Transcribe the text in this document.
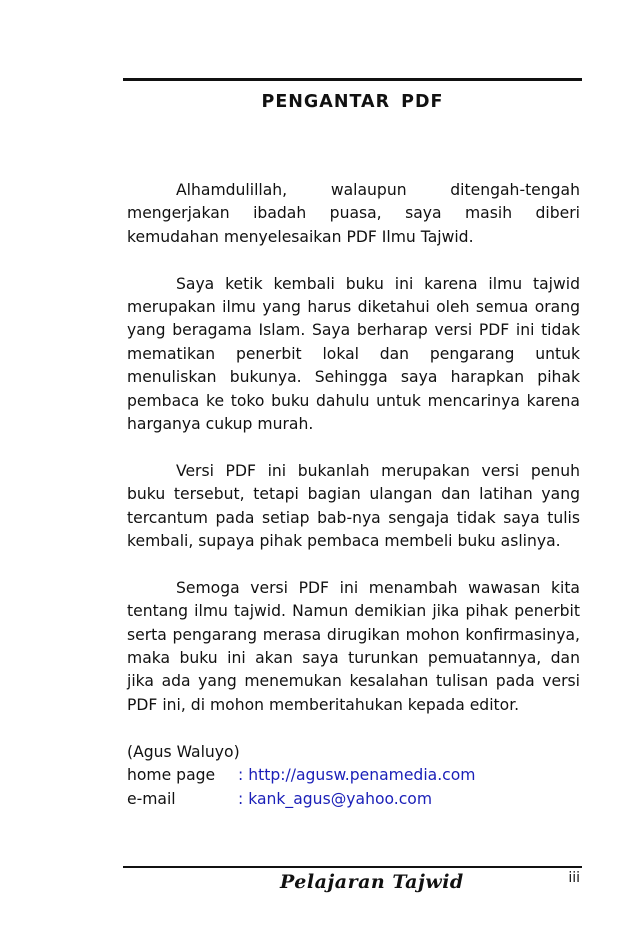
PENGANTAR PDF

Alhamdulillah, walaupun ditengah-tengah mengerjakan ibadah puasa, saya masih diberi kemudahan menyelesaikan PDF Ilmu Tajwid.

Saya ketik kembali buku ini karena ilmu tajwid merupakan ilmu yang harus diketahui oleh semua orang yang beragama Islam. Saya berharap versi PDF ini tidak mematikan penerbit lokal dan pengarang untuk menuliskan bukunya. Sehingga saya harapkan pihak pembaca ke toko buku dahulu untuk mencarinya karena harganya cukup murah.

Versi PDF ini bukanlah merupakan versi penuh buku tersebut, tetapi bagian ulangan dan latihan yang tercantum pada setiap bab-nya sengaja tidak saya tulis kembali, supaya pihak pembaca membeli buku aslinya.

Semoga versi PDF ini menambah wawasan kita tentang ilmu tajwid. Namun demikian jika pihak penerbit serta pengarang merasa dirugikan mohon konfirmasinya, maka buku ini akan saya turunkan pemuatannya, dan jika ada yang menemukan kesalahan tulisan pada versi PDF ini, di mohon memberitahukan kepada editor.

(Agus Waluyo)
home page : http://agusw.penamedia.com
e-mail	: kank_agus@yahoo.com
Pelajaran Tajwid	iii
